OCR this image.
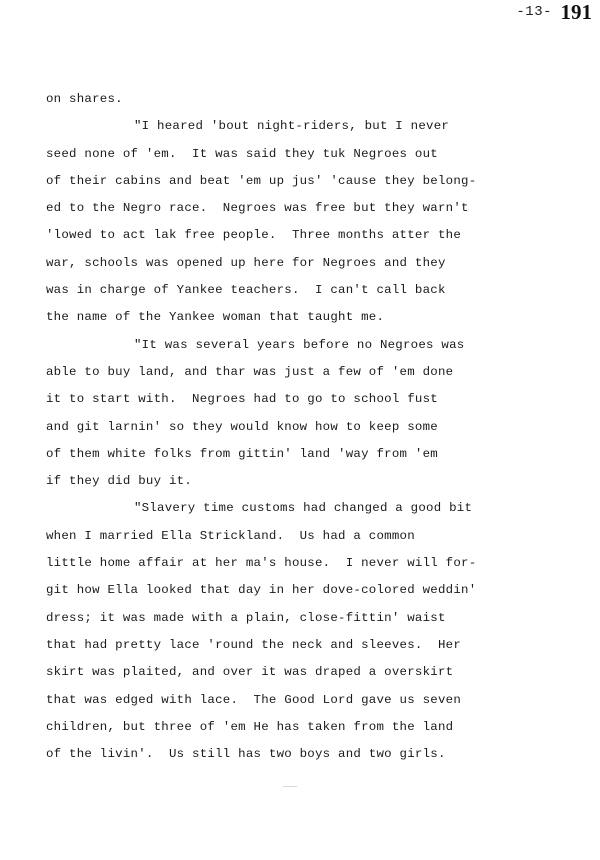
-13- 191
on shares.
"I heared 'bout night-riders, but I never
seed none of 'em.  It was said they tuk Negroes out
of their cabins and beat 'em up jus' 'cause they belong-
ed to the Negro race.  Negroes was free but they warn't
'lowed to act lak free people.  Three months atter the
war, schools was opened up here for Negroes and they
was in charge of Yankee teachers.  I can't call back
the name of the Yankee woman that taught me.
"It was several years before no Negroes was
able to buy land, and thar was just a few of 'em done
it to start with.  Negroes had to go to school fust
and git larnin' so they would know how to keep some
of them white folks from gittin' land 'way from 'em
if they did buy it.
"Slavery time customs had changed a good bit
when I married Ella Strickland.  Us had a common
little home affair at her ma's house.  I never will for-
git how Ella looked that day in her dove-colored weddin'
dress; it was made with a plain, close-fittin' waist
that had pretty lace 'round the neck and sleeves.  Her
skirt was plaited, and over it was draped a overskirt
that was edged with lace.  The Good Lord gave us seven
children, but three of 'em He has taken from the land
of the livin'.  Us still has two boys and two girls.
